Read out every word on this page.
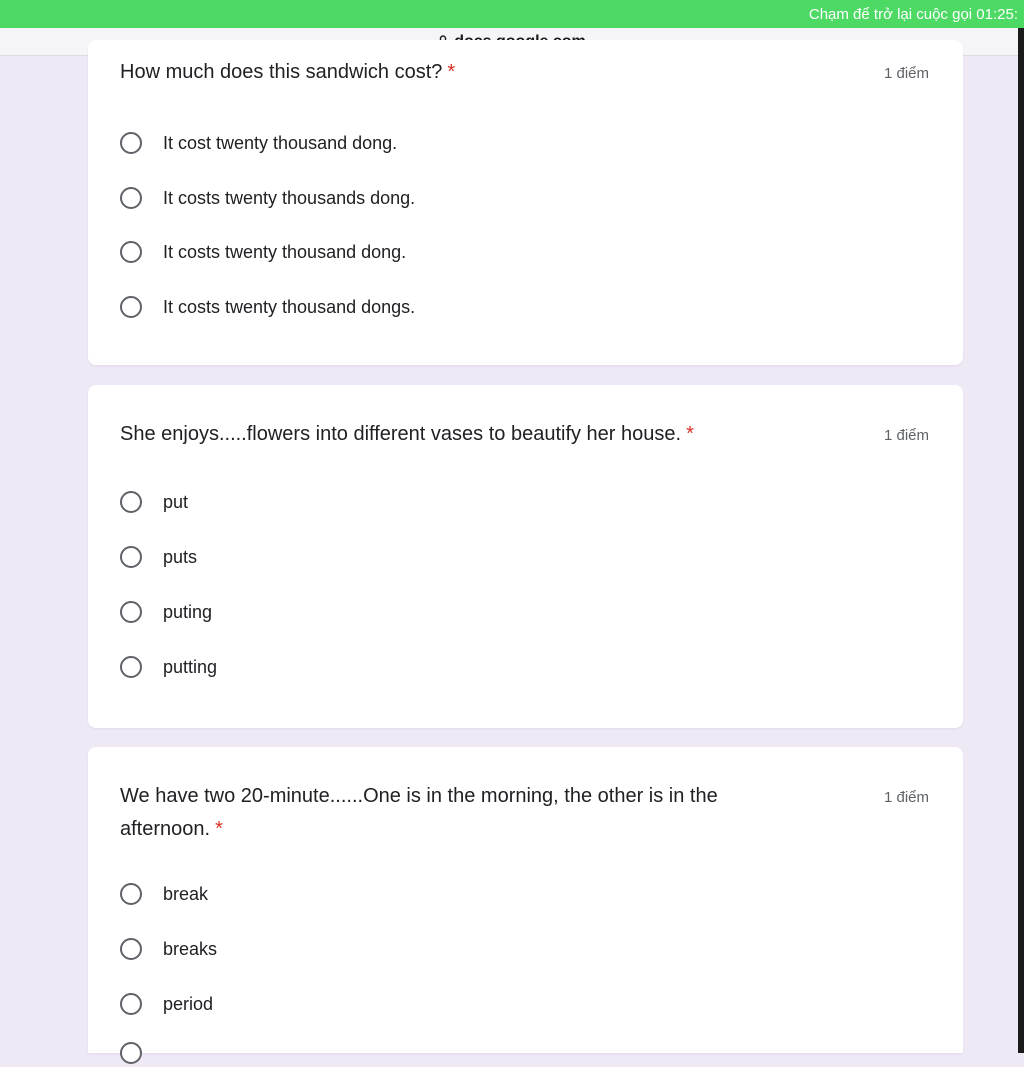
Chạm để trở lại cuộc gọi 01:25:
How much does this sandwich cost? *	1 điểm
It cost twenty thousand dong.
It costs twenty thousands dong.
It costs twenty thousand dong.
It costs twenty thousand dongs.
She enjoys.....flowers into different vases to beautify her house. *	1 điểm
put
puts
puting
putting
We have two 20-minute......One is in the morning, the other is in the afternoon. *
1 điểm
break
breaks
period
